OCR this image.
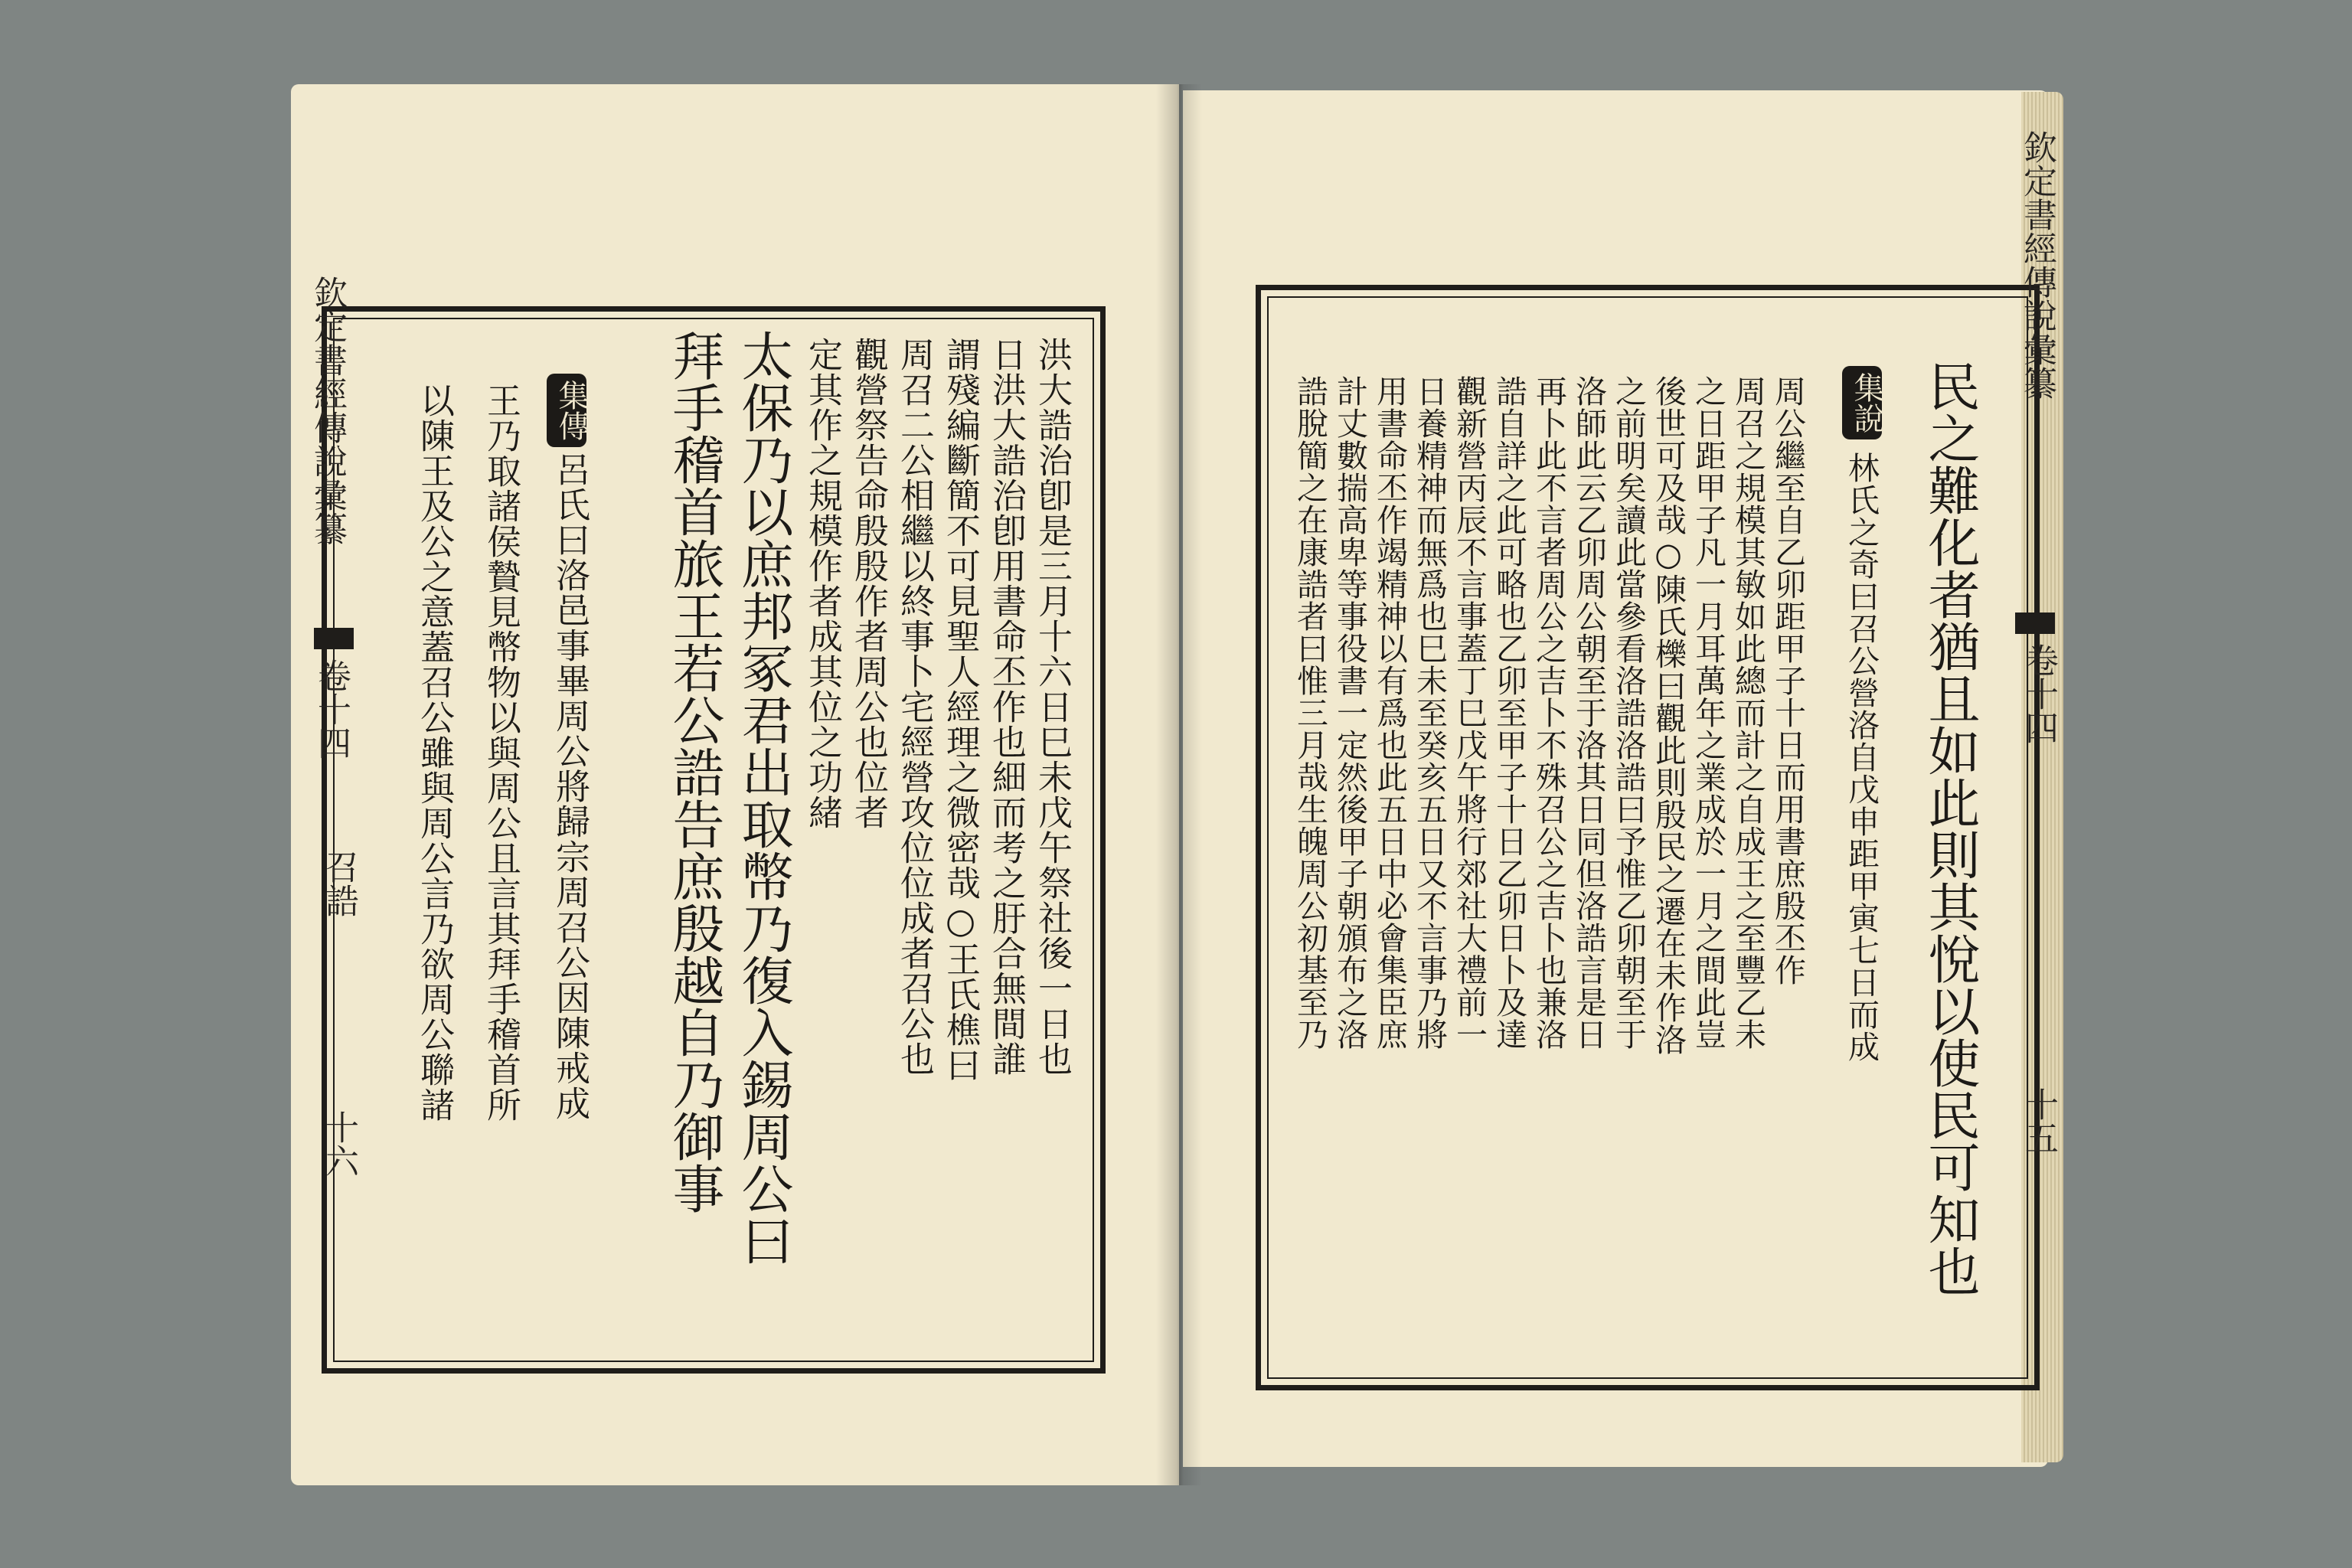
欽定書經傳說彙纂
卷十四
召誥
十六
洪大誥治卽是三月十六日巳未戊午祭社後一日也
日洪大誥治卽用書命丕作也細而考之䏏合無間誰
謂殘編斷簡不可見聖人經理之微密哉○王氏樵曰
周召二公相繼以終事卜宅經營攻位位成者召公也
觀營祭告命殷殷作者周公也位者
定其作之規模作者成其位之功緒
太保乃以庶邦冢君出取幣乃復入錫周公曰
拜手稽首旅王若公誥告庶殷越自乃御事
集傳
呂氏曰洛邑事畢周公將歸宗周召公因陳戒成
王乃取諸侯贄見幣物以與周公且言其拜手稽首所
以陳王及公之意蓋召公雖與周公言乃欲周公聯諸
欽定書經傳說彙纂
卷十四
十五
民之難化者猶且如此則其悅以使民可知也
集說
林氏之奇曰召公營洛自戊申距甲寅七日而成
周公繼至自乙卯距甲子十日而用書庶殷丕作
周召之規模其敏如此總而計之自成王之至豐乙未
之日距甲子凡一月耳萬年之業成於一月之間此豈
後世可及哉○陳氏櫟曰觀此則殷民之遷在未作洛
之前明矣讀此當參看洛誥洛誥曰予惟乙卯朝至于
洛師此云乙卯周公朝至于洛其日同但洛誥言是日
再卜此不言者周公之吉卜不殊召公之吉卜也兼洛
誥自詳之此可略也乙卯至甲子十日乙卯日卜及達
觀新營丙辰不言事蓋丁巳戊午將行郊社大禮前一
日養精神而無爲也巳未至癸亥五日又不言事乃將
用書命丕作竭精神以有爲也此五日中必會集臣庶
計丈數揣高卑等事役書一定然後甲子朝頒布之洛
誥脫簡之在康誥者曰惟三月哉生魄周公初基至乃
